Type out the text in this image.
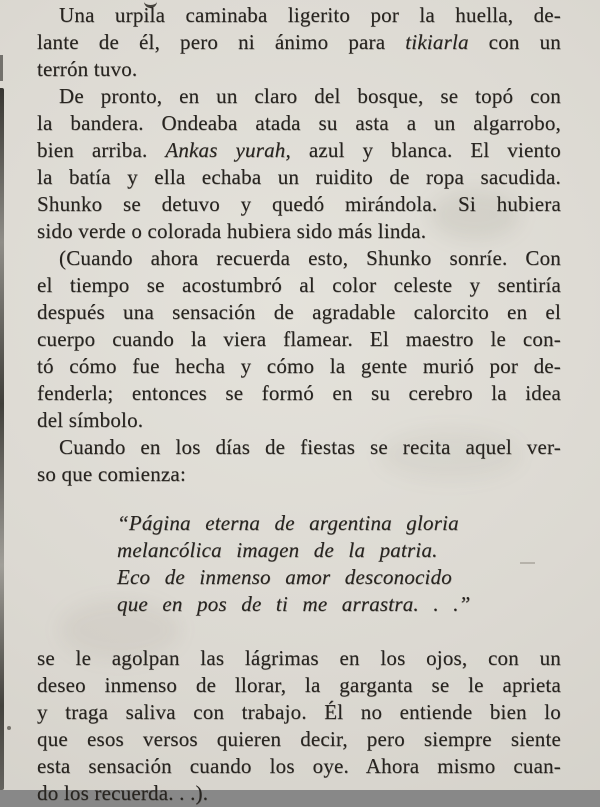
Una urpila caminaba ligerito por la huella, de-
lante de él, pero ni ánimo para tikiarla con un
terrón tuvo.
De pronto, en un claro del bosque, se topó con
la bandera. Ondeaba atada su asta a un algarrobo,
bien arriba. Ankas yurah, azul y blanca. El viento
la batía y ella echaba un ruidito de ropa sacudida.
Shunko se detuvo y quedó mirándola. Si hubiera
sido verde o colorada hubiera sido más linda.
(Cuando ahora recuerda esto, Shunko sonríe. Con
el tiempo se acostumbró al color celeste y sentiría
después una sensación de agradable calorcito en el
cuerpo cuando la viera flamear. El maestro le con-
tó cómo fue hecha y cómo la gente murió por de-
fenderla; entonces se formó en su cerebro la idea
del símbolo.
Cuando en los días de fiestas se recita aquel ver-
so que comienza:
“Página eterna de argentina gloria
melancólica imagen de la patria.
Eco de inmenso amor desconocido
que en pos de ti me arrastra. . .”
se le agolpan las lágrimas en los ojos, con un
deseo inmenso de llorar, la garganta se le aprieta
y traga saliva con trabajo. Él no entiende bien lo
que esos versos quieren decir, pero siempre siente
esta sensación cuando los oye. Ahora mismo cuan-
do los recuerda. . .).
